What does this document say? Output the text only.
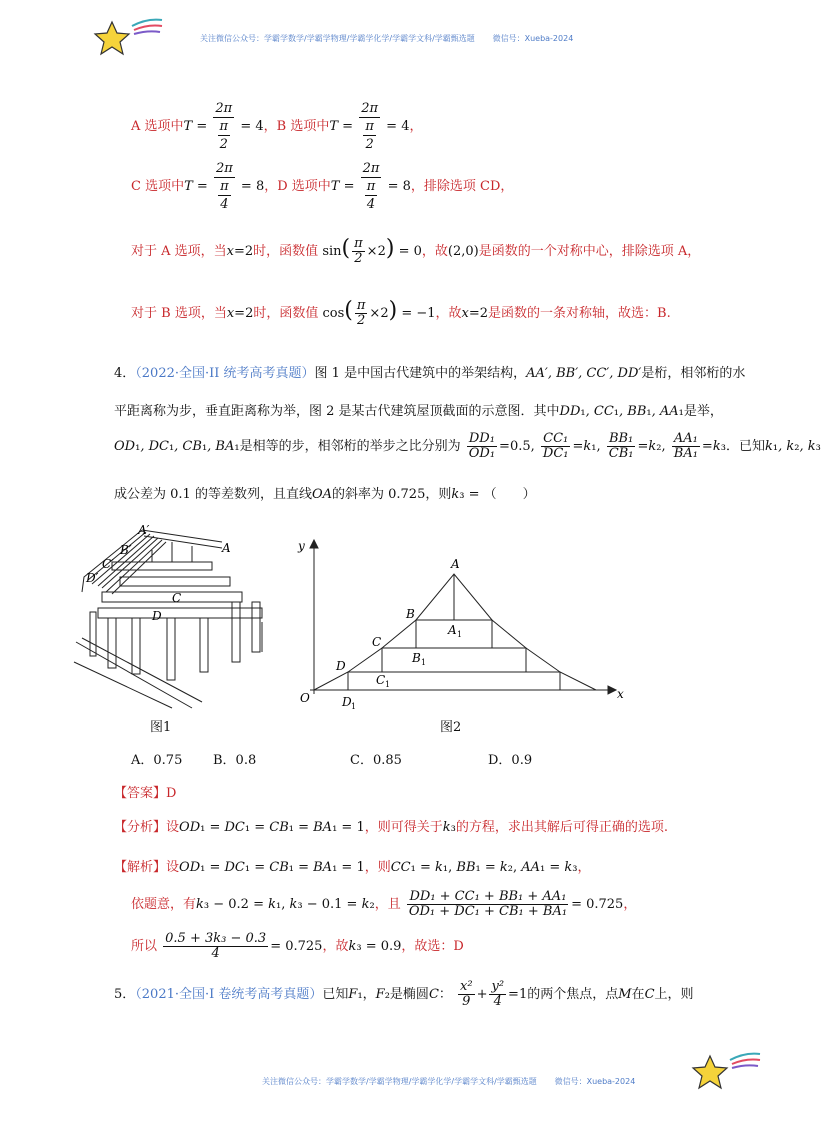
关注微信公众号：学霸学数学/学霸学物理/学霸学化学/学霸学文科/学霸甄选题 微信号：Xueba-2024
A 选项中T =
2π
π
2
= 4，B 选项中T =
2π
π
2
= 4，
C 选项中T =
2π
π
4
= 8，D 选项中T =
2π
π
4
= 8，排除选项 CD，
对于 A 选项，当x=2时，函数值 $\sin( \frac{\pi}{2} \times 2) = 0$，故(2,0)是函数的一个对称中心，排除选项 A，
对于 B 选项，当x=2时，函数值 $\cos( \frac{\pi}{2} \times 2) = -1$，故x=2是函数的一条对称轴，故选：B.
4．（2022·全国·II 统考高考真题）图 1 是中国古代建筑中的举架结构，AA′, BB′, CC′, DD′是桁，相邻桁的水
平距离称为步，垂直距离称为举，图 2 是某古代建筑屋顶截面的示意图．其中DD₁, CC₁, BB₁, AA₁是举，
OD₁, DC₁, CB₁, BA₁是相等的步，相邻桁的举步之比分别为 $\frac{\text{DD₁}}{\text{OD₁}} =0.5$, $\frac{\text{CC₁}}{\text{DC₁}} =k_1$, $\frac{\text{BB₁}}{\text{CB₁}} =k_2$, $\frac{\text{AA₁}}{\text{BA₁}} =k_3$．已知k₁, k₂, k₃
成公差为 0.1 的等差数列，且直线OA的斜率为 0.725，则k₃ = （　　）
A′
A
B′
C′
D′
C
D
图1
A
B
C
D
O
A 1
B 1
C 1
D 1
x
y
图2
A．0.75 B．0.8	C．0.85	D．0.9
【答案】D
【分析】设OD₁ = DC₁ = CB₁ = BA₁ = 1，则可得关于k₃的方程，求出其解后可得正确的选项.
【解析】设OD₁ = DC₁ = CB₁ = BA₁ = 1，则CC₁ = k₁, BB₁ = k₂, AA₁ = k₃，
依题意，有k₃ − 0.2 = k₁, k₃ − 0.1 = k₂，且 $\frac{\text{DD₁ + CC₁ + BB₁ + AA₁}}{\text{OD₁ + DC₁ + CB₁ + BA₁}} = 0.725$，
所以 $\frac{\text{0.5 + 3k₃ − 0.3}}{4} = 0.725$，故k₃ = 0.9，故选：D
5．（2021·全国·I 卷统考高考真题）已知F₁，F₂是椭圆C： $\frac{\text{x²}}{9} + \frac{\text{y²}}{4} =1$的两个焦点，点M在C上，则
关注微信公众号：学霸学数学/学霸学物理/学霸学化学/学霸学文科/学霸甄选题 微信号：Xueba-2024
